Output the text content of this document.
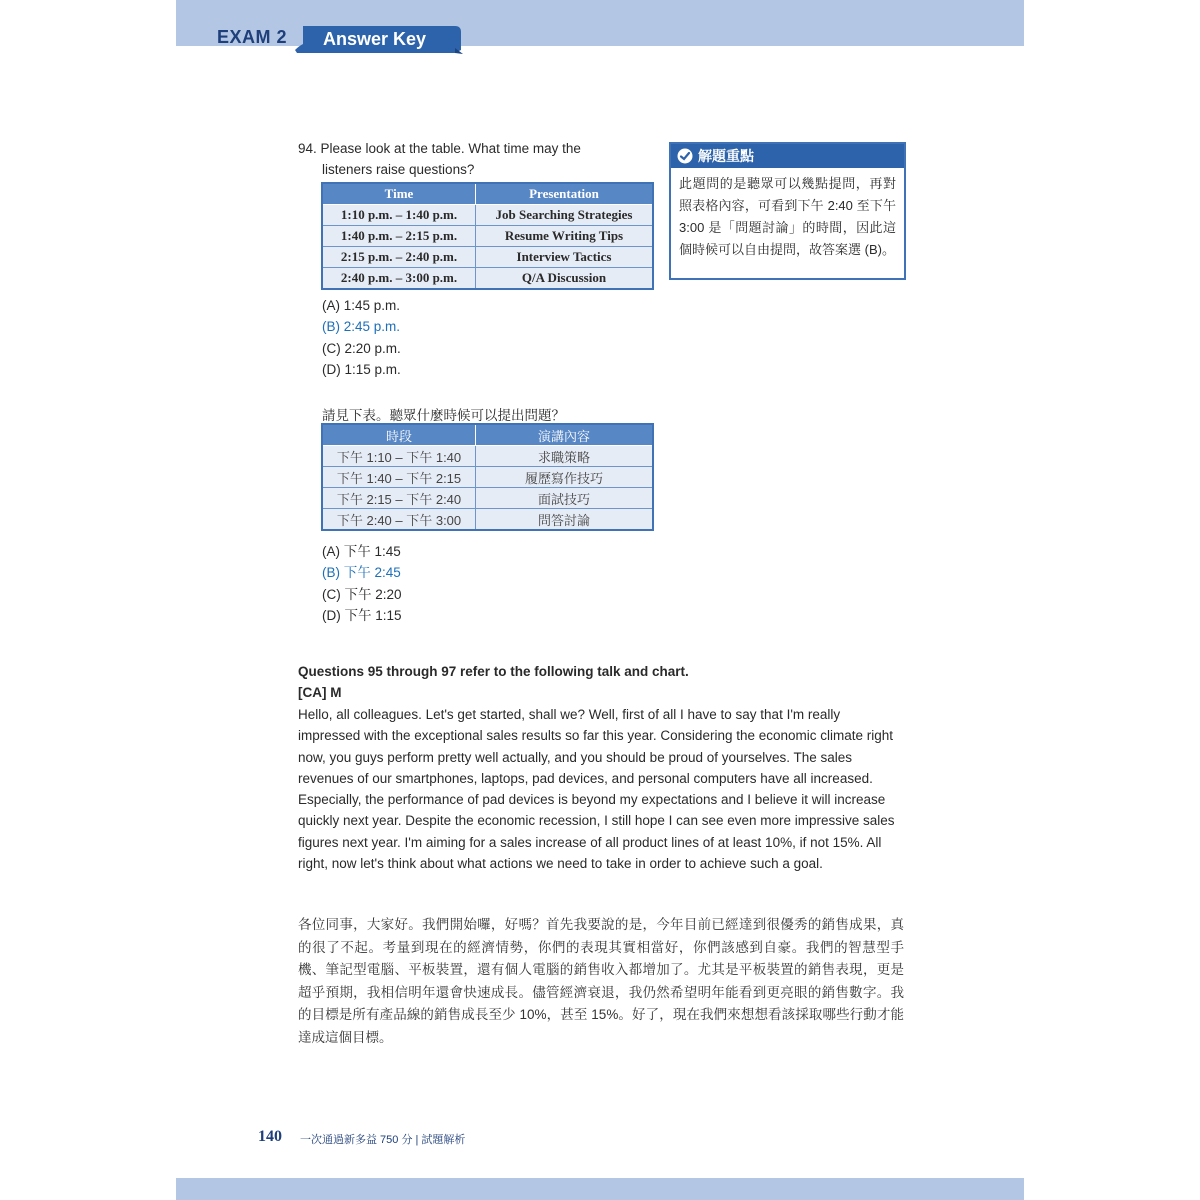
EXAM 2 Answer Key
94. Please look at the table. What time may the
listeners raise questions?
Time	Presentation
1:10 p.m. – 1:40 p.m.	Job Searching Strategies
1:40 p.m. – 2:15 p.m.	Resume Writing Tips
2:15 p.m. – 2:40 p.m.	Interview Tactics
2:40 p.m. – 3:00 p.m.	Q/A Discussion
(A) 1:45 p.m.
(B) 2:45 p.m.
(C) 2:20 p.m.
(D) 1:15 p.m.
請見下表。聽眾什麼時候可以提出問題？
時段	演講內容
下午 1:10 – 下午 1:40	求職策略
下午 1:40 – 下午 2:15	履歷寫作技巧
下午 2:15 – 下午 2:40	面試技巧
下午 2:40 – 下午 3:00	問答討論
(A) 下午 1:45
(B) 下午 2:45
(C) 下午 2:20
(D) 下午 1:15
解題重點
此題問的是聽眾可以幾點提問，再對照表格內容，可看到下午 2:40 至下午 3:00 是「問題討論」的時間，因此這個時候可以自由提問，故答案選 (B)。
Questions 95 through 97 refer to the following talk and chart.
[CA] M
Hello, all colleagues. Let's get started, shall we? Well, first of all I have to say that I'm really impressed with the exceptional sales results so far this year. Considering the economic climate right now, you guys perform pretty well actually, and you should be proud of yourselves. The sales revenues of our smartphones, laptops, pad devices, and personal computers have all increased. Especially, the performance of pad devices is beyond my expectations and I believe it will increase quickly next year. Despite the economic recession, I still hope I can see even more impressive sales figures next year. I'm aiming for a sales increase of all product lines of at least 10%, if not 15%. All right, now let's think about what actions we need to take in order to achieve such a goal.
各位同事，大家好。我們開始囉，好嗎？首先我要說的是，今年目前已經達到很優秀的銷售成果，真的很了不起。考量到現在的經濟情勢，你們的表現其實相當好，你們該感到自豪。我們的智慧型手機、筆記型電腦、平板裝置，還有個人電腦的銷售收入都增加了。尤其是平板裝置的銷售表現，更是超乎預期，我相信明年還會快速成長。儘管經濟衰退，我仍然希望明年能看到更亮眼的銷售數字。我的目標是所有產品線的銷售成長至少 10%，甚至 15%。好了，現在我們來想想看該採取哪些行動才能達成這個目標。
140 一次通過新多益 750 分 | 試題解析
